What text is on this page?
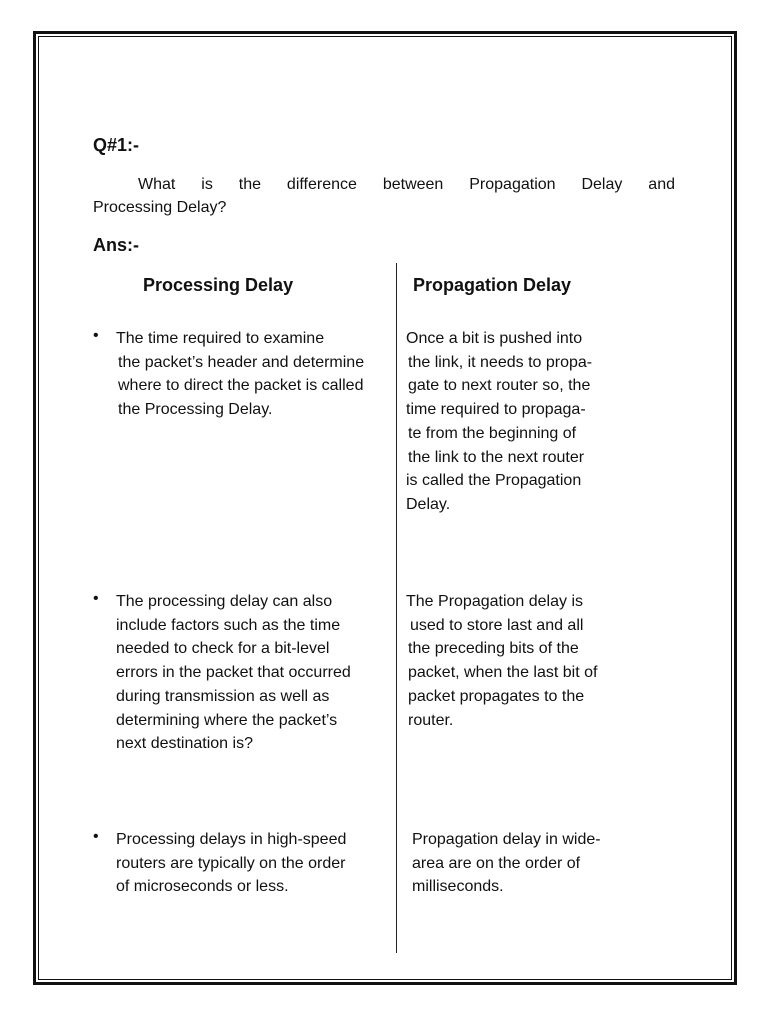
Q#1:-
What is the difference between Propagation Delay and
Processing Delay?
Ans:-
Processing Delay	Propagation Delay
• The time required to examine
the packet’s header and determine
where to direct the packet is called
the Processing Delay.
Once a bit is pushed into
the link, it needs to propa-
gate to next router so, the
time required to propaga-
te from the beginning of
the link to the next router
is called the Propagation
Delay.
• The processing delay can also
include factors such as the time
needed to check for a bit-level
errors in the packet that occurred
during transmission as well as
determining where the packet’s
next destination is?
The Propagation delay is
used to store last and all
the preceding bits of the
packet, when the last bit of
packet propagates to the
router.
• Processing delays in high-speed
routers are typically on the order
of microseconds or less.
Propagation delay in wide-
area are on the order of
milliseconds.
